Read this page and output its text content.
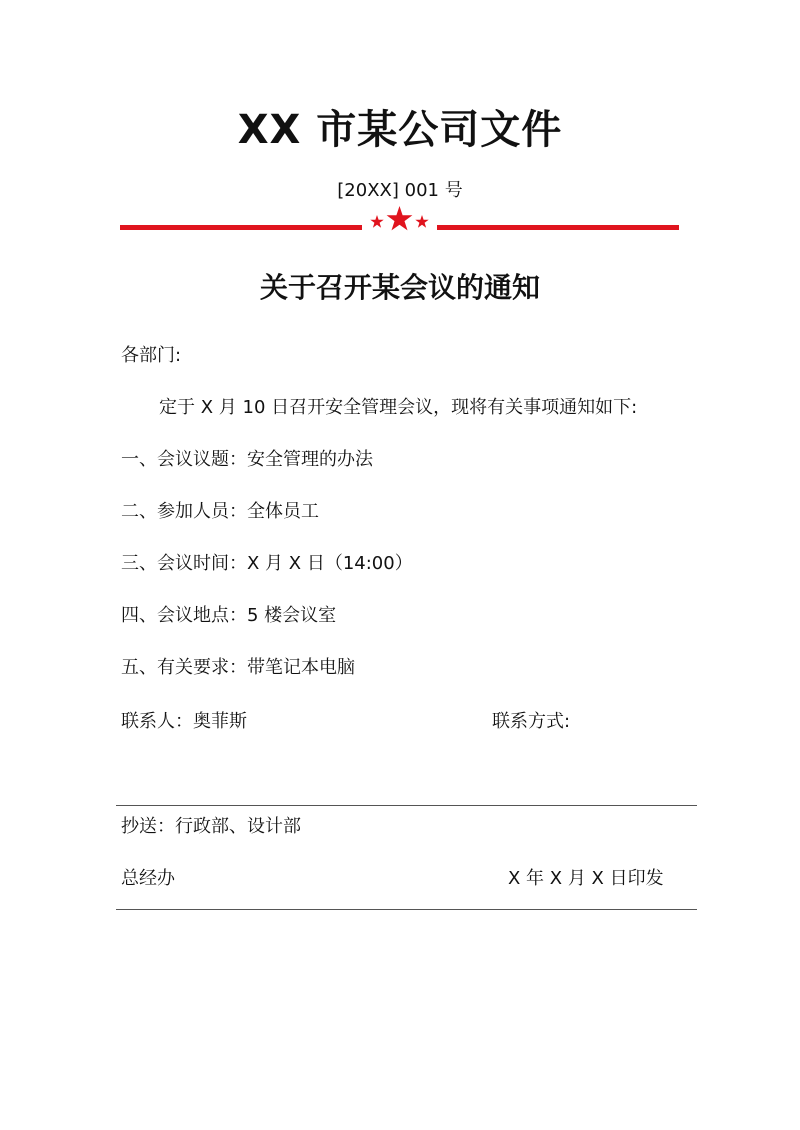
XX 市某公司文件
[20XX] 001 号
关于召开某会议的通知
各部门:
定于 X 月 10 日召开安全管理会议，现将有关事项通知如下:
一、会议议题：安全管理的办法
二、参加人员：全体员工
三、会议时间：X 月 X 日（14:00）
四、会议地点：5 楼会议室
五、有关要求：带笔记本电脑
联系人：奥菲斯	联系方式:
抄送：行政部、设计部
总经办	X 年 X 月 X 日印发
